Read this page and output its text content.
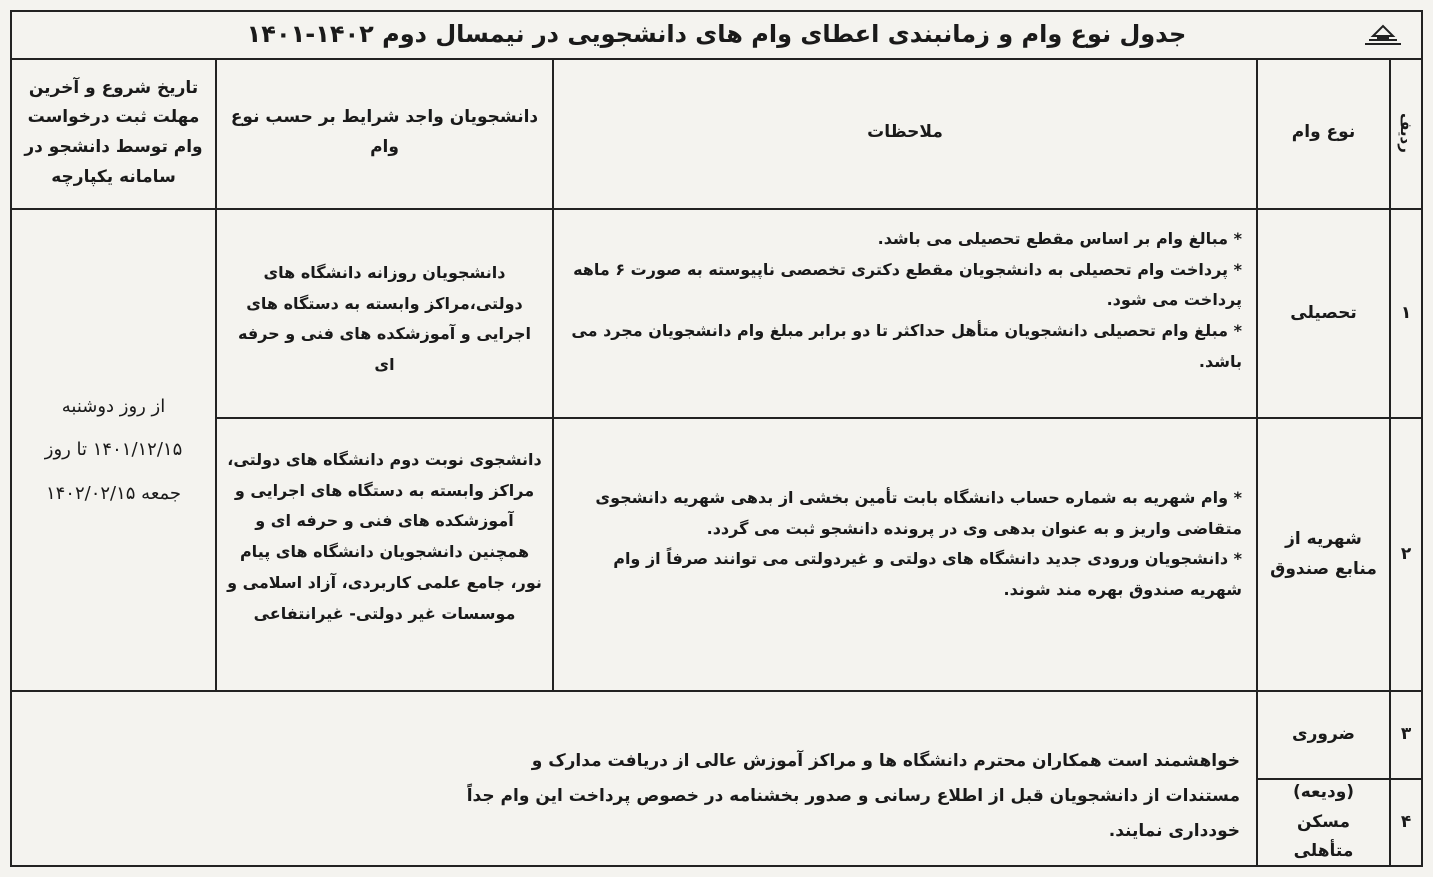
جدول نوع وام و زمانبندی اعطای وام های دانشجویی در نیمسال دوم ۱۴۰۲-۱۴۰۱
ردیف
نوع وام
ملاحظات
دانشجویان واجد شرایط بر حسب نوع وام
تاریخ شروع و آخرین مهلت ثبت درخواست وام توسط دانشجو در سامانه یکپارچه
۱
تحصیلی
* مبالغ وام بر اساس مقطع تحصیلی می باشد.
* پرداخت وام تحصیلی به دانشجویان مقطع دکتری تخصصی ناپیوسته به صورت ۶ ماهه پرداخت می شود.
* مبلغ وام تحصیلی دانشجویان متأهل حداکثر تا دو برابر مبلغ وام دانشجویان مجرد می باشد.
دانشجویان روزانه دانشگاه های دولتی،مراکز وابسته به دستگاه های اجرایی و آموزشکده های فنی و حرفه ای
از روز دوشنبه
۱۴۰۱/۱۲/۱۵ تا روز
جمعه ۱۴۰۲/۰۲/۱۵
۲
شهریه از منابع صندوق
* وام شهریه به شماره حساب دانشگاه بابت تأمین بخشی از بدهی شهریه دانشجوی متقاضی واریز و به عنوان بدهی وی در پرونده دانشجو ثبت می گردد.
* دانشجویان ورودی جدید دانشگاه های دولتی و غیردولتی می توانند صرفاً از وام شهریه صندوق بهره مند شوند.
دانشجوی نوبت دوم دانشگاه های دولتی، مراکز وابسته به دستگاه های اجرایی و آموزشکده های فنی و حرفه ای و همچنین دانشجویان دانشگاه های پیام نور، جامع علمی کاربردی، آزاد اسلامی و موسسات غیر دولتی- غیرانتفاعی
۳
ضروری
۴
(ودیعه) مسکن متأهلی
خواهشمند است همکاران محترم دانشگاه ها و مراکز آموزش عالی از دریافت مدارک و مستندات از دانشجویان قبل از اطلاع رسانی و صدور بخشنامه در خصوص پرداخت این وام جداً خودداری نمایند.
